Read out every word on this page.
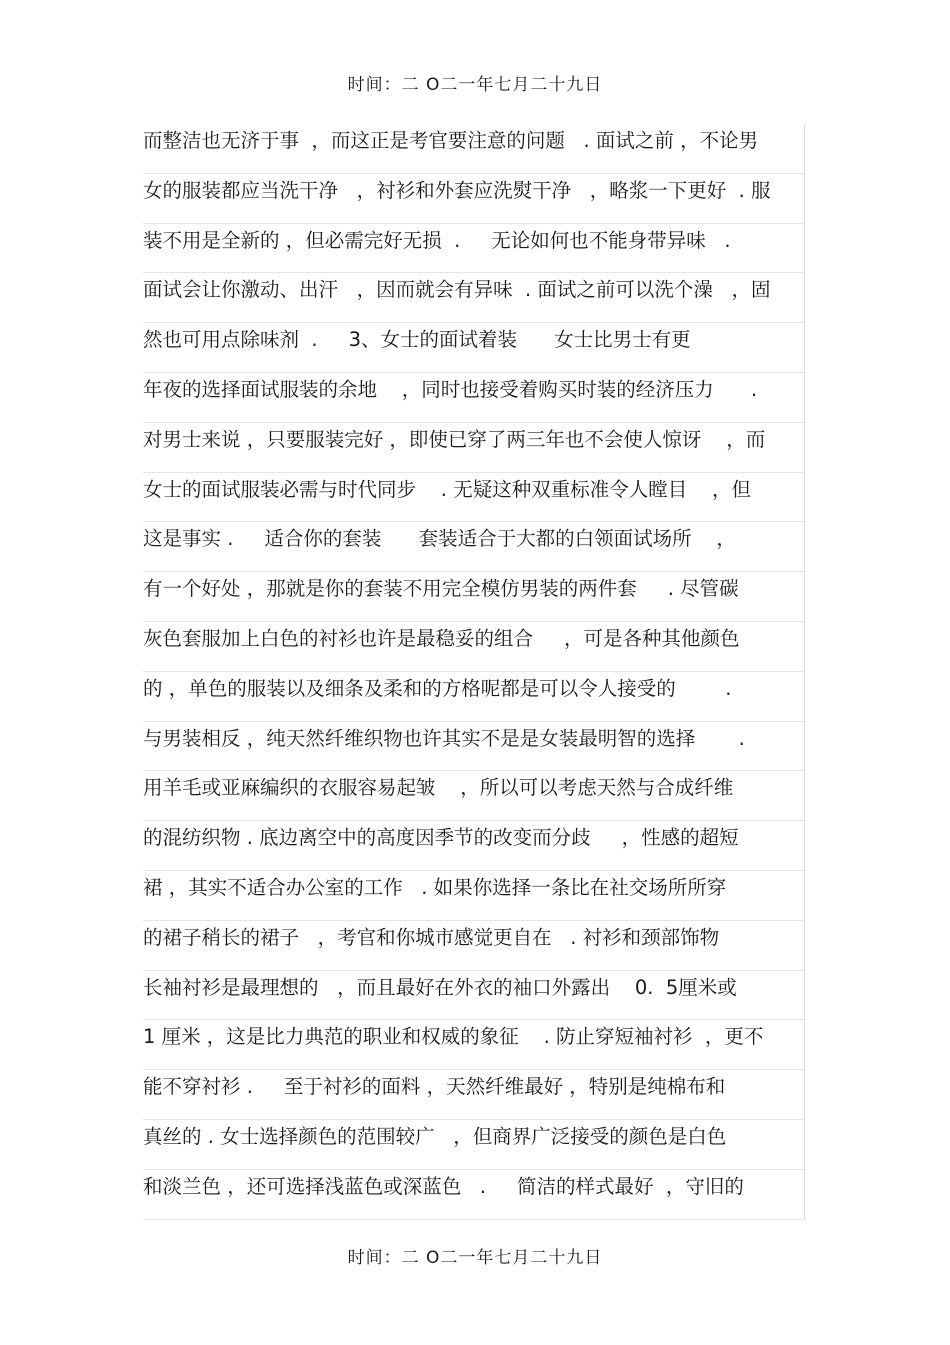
时间：二 O二一年七月二十九日
而整洁也无济于事  ，而这正是考官要注意的问题   . 面试之前 ，不论男
女的服装都应当洗干净   ，衬衫和外套应洗熨干净   ，略浆一下更好  . 服
装不用是全新的 ，但必需完好无损  .     无论如何也不能身带异味   .
面试会让你激动、出汗   ，因而就会有异味  . 面试之前可以洗个澡   ，固
然也可用点除味剂  .     3、女士的面试着装      女士比男士有更
年夜的选择面试服装的余地    ，同时也接受着购买时装的经济压力      .
对男士来说 ，只要服装完好 ，即使已穿了两三年也不会使人惊讶    ，而
女士的面试服装必需与时代同步    . 无疑这种双重标准令人瞠目    ，但
这是事实 .     适合你的套装      套装适合于大都的白领面试场所    ，
有一个好处 ，那就是你的套装不用完全模仿男装的两件套     . 尽管碳
灰色套服加上白色的衬衫也许是最稳妥的组合     ，可是各种其他颜色
的 ，单色的服装以及细条及柔和的方格呢都是可以令人接受的        .
与男装相反 ，纯天然纤维织物也许其实不是是女装最明智的选择       .
用羊毛或亚麻编织的衣服容易起皱    ，所以可以考虑天然与合成纤维
的混纺织物 . 底边离空中的高度因季节的改变而分歧     ，性感的超短
裙 ，其实不适合办公室的工作   . 如果你选择一条比在社交场所所穿
的裙子稍长的裙子   ，考官和你城市感觉更自在   . 衬衫和颈部饰物
长袖衬衫是最理想的   ，而且最好在外衣的袖口外露出    0.  5厘米或
1 厘米 ，这是比力典范的职业和权威的象征    . 防止穿短袖衬衫  ，更不
能不穿衬衫 .     至于衬衫的面料 ，天然纤维最好 ，特别是纯棉布和
真丝的 . 女士选择颜色的范围较广   ，但商界广泛接受的颜色是白色
和淡兰色 ，还可选择浅蓝色或深蓝色   .     简洁的样式最好  ，守旧的
时间：二 O二一年七月二十九日
